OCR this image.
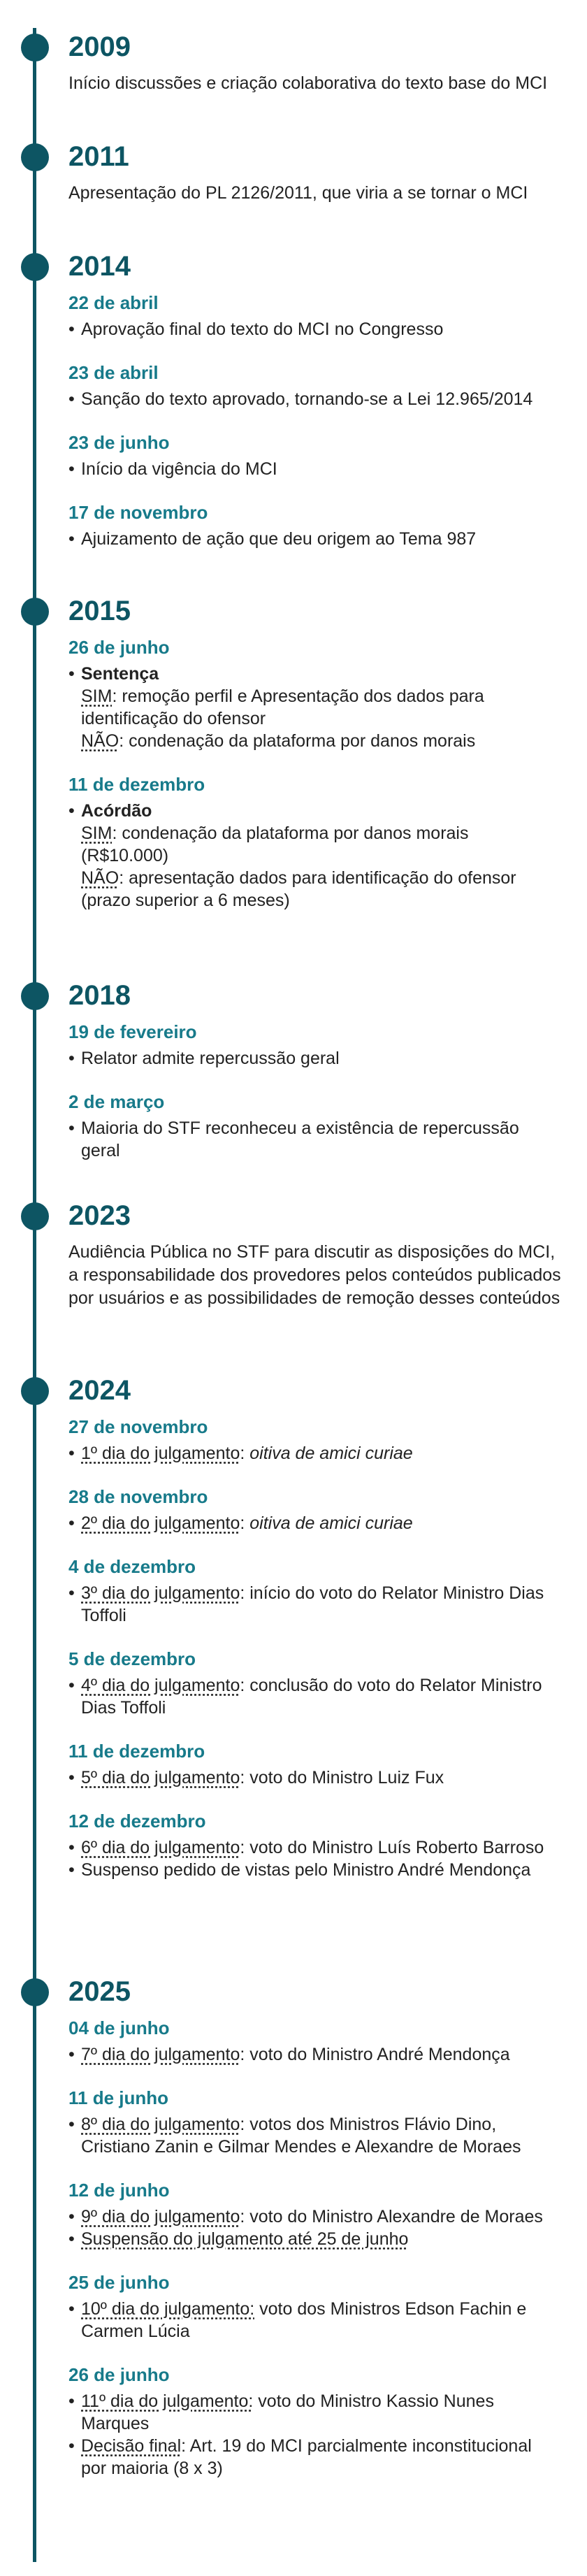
2009

Início discussões e criação colaborativa do texto base do MCI

2011

Apresentação do PL 2126/2011, que viria a se tornar o MCI

2014
22 de abril

• Aprovação final do texto do MCI no Congresso

23 de abril

• Sanção do texto aprovado, tornando-se a Lei 12.965/2014

23 de junho

• Início da vigência do MCI

17 de novembro

• Ajuizamento de ação que deu origem ao Tema 987

2015
26 de junho
• Sentença
SIM: remoção perfil e Apresentação dos dados para identificação do ofensor
NÃO: condenação da plataforma por danos morais
11 de dezembro
• Acórdão
SIM: condenação da plataforma por danos morais (R$10.000)
NÃO: apresentação dados para identificação do ofensor (prazo superior a 6 meses)
2018
19 de fevereiro

• Relator admite repercussão geral

2 de março

• Maioria do STF reconheceu a existência de repercussão geral

2023

Audiência Pública no STF para discutir as disposições do MCI, a responsabilidade dos provedores pelos conteúdos publicados por usuários e as possibilidades de remoção desses conteúdos

2024
27 de novembro

• 1º dia do julgamento: oitiva de amici curiae

28 de novembro

• 2º dia do julgamento: oitiva de amici curiae

4 de dezembro

• 3º dia do julgamento: início do voto do Relator Ministro Dias Toffoli

5 de dezembro

• 4º dia do julgamento: conclusão do voto do Relator Ministro Dias Toffoli

11 de dezembro

• 5º dia do julgamento: voto do Ministro Luiz Fux

12 de dezembro

• 6º dia do julgamento: voto do Ministro Luís Roberto Barroso

• Suspenso pedido de vistas pelo Ministro André Mendonça

2025
04 de junho

• 7º dia do julgamento: voto do Ministro André Mendonça

11 de junho

• 8º dia do julgamento: votos dos Ministros Flávio Dino, Cristiano Zanin e Gilmar Mendes e Alexandre de Moraes

12 de junho

• 9º dia do julgamento: voto do Ministro Alexandre de Moraes

• Suspensão do julgamento até 25 de junho

25 de junho

• 10º dia do julgamento: voto dos Ministros Edson Fachin e Carmen Lúcia

26 de junho

• 11º dia do julgamento: voto do Ministro Kassio Nunes Marques

• Decisão final: Art. 19 do MCI parcialmente inconstitucional por maioria (8 x 3)
